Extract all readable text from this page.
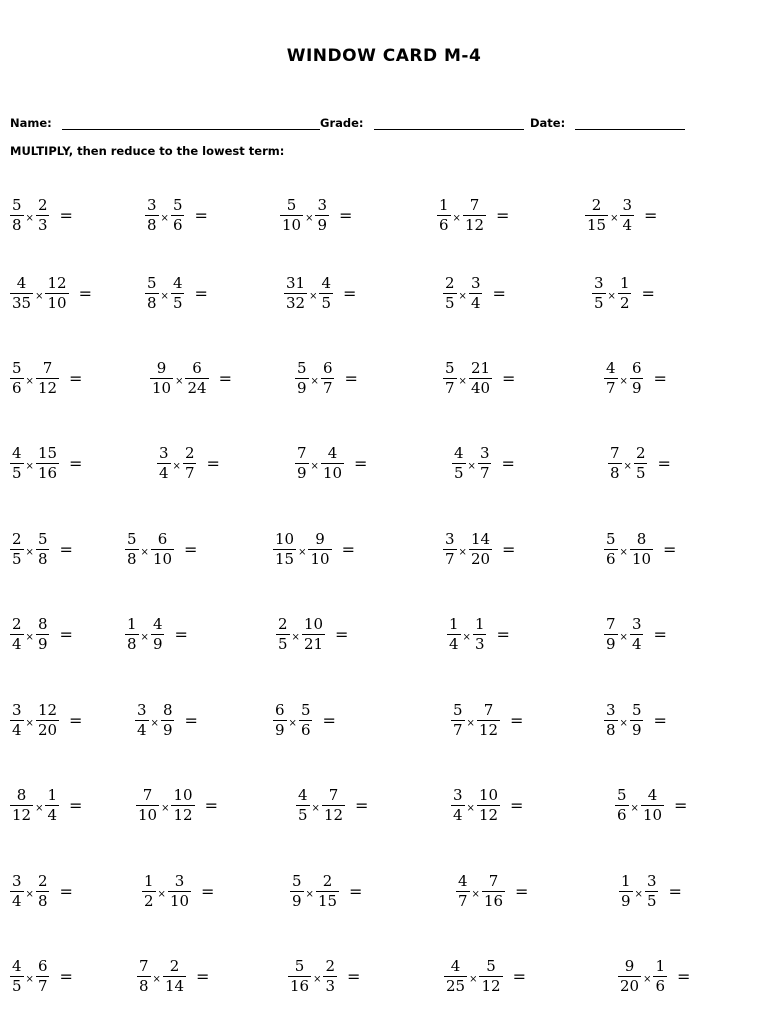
WINDOW CARD M-4
Name:	Grade:	Date:
MULTIPLY, then reduce to the lowest term:
$\frac{5}{8} \times \frac{2}{3}$ =	$\frac{3}{8} \times \frac{5}{6}$ =	$\frac{5}{10} \times \frac{3}{9}$ =	$\frac{1}{6} \times \frac{7}{12}$ =	$\frac{2}{15} \times \frac{3}{4}$ =
$\frac{4}{35} \times \frac{12}{10}$ =	$\frac{5}{8} \times \frac{4}{5}$ =	$\frac{31}{32} \times \frac{4}{5}$ =	$\frac{2}{5} \times \frac{3}{4}$ =	$\frac{3}{5} \times \frac{1}{2}$ =
$\frac{5}{6} \times \frac{7}{12}$ =	$\frac{9}{10} \times \frac{6}{24}$ =	$\frac{5}{9} \times \frac{6}{7}$ =	$\frac{5}{7} \times \frac{21}{40}$ =	$\frac{4}{7} \times \frac{6}{9}$ =
$\frac{4}{5} \times \frac{15}{16}$ =	$\frac{3}{4} \times \frac{2}{7}$ =	$\frac{7}{9} \times \frac{4}{10}$ =	$\frac{4}{5} \times \frac{3}{7}$ =	$\frac{7}{8} \times \frac{2}{5}$ =
$\frac{2}{5} \times \frac{5}{8}$ =	$\frac{5}{8} \times \frac{6}{10}$ =	$\frac{10}{15} \times \frac{9}{10}$ =	$\frac{3}{7} \times \frac{14}{20}$ =	$\frac{5}{6} \times \frac{8}{10}$ =
$\frac{2}{4} \times \frac{8}{9}$ =	$\frac{1}{8} \times \frac{4}{9}$ =	$\frac{2}{5} \times \frac{10}{21}$ =	$\frac{1}{4} \times \frac{1}{3}$ =	$\frac{7}{9} \times \frac{3}{4}$ =
$\frac{3}{4} \times \frac{12}{20}$ =	$\frac{3}{4} \times \frac{8}{9}$ =	$\frac{6}{9} \times \frac{5}{6}$ =	$\frac{5}{7} \times \frac{7}{12}$ =	$\frac{3}{8} \times \frac{5}{9}$ =
$\frac{8}{12} \times \frac{1}{4}$ =	$\frac{7}{10} \times \frac{10}{12}$ =	$\frac{4}{5} \times \frac{7}{12}$ =	$\frac{3}{4} \times \frac{10}{12}$ =	$\frac{5}{6} \times \frac{4}{10}$ =
$\frac{3}{4} \times \frac{2}{8}$ =	$\frac{1}{2} \times \frac{3}{10}$ =	$\frac{5}{9} \times \frac{2}{15}$ =	$\frac{4}{7} \times \frac{7}{16}$ =	$\frac{1}{9} \times \frac{3}{5}$ =
$\frac{4}{5} \times \frac{6}{7}$ =	$\frac{7}{8} \times \frac{2}{14}$ =	$\frac{5}{16} \times \frac{2}{3}$ =	$\frac{4}{25} \times \frac{5}{12}$ =	$\frac{9}{20} \times \frac{1}{6}$ =
